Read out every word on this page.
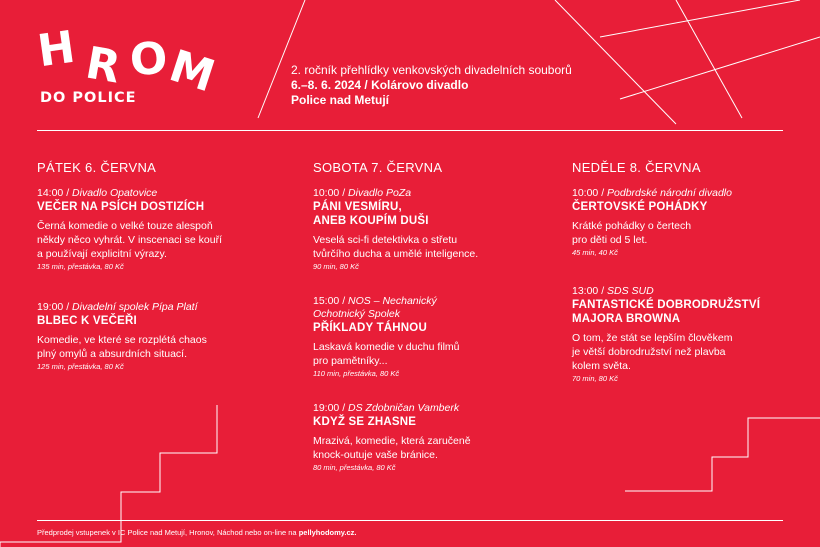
H R O
M
DO POLICE
2. ročník přehlídky venkovských divadelních souborů
6.–8. 6. 2024 / Kolárovo divadlo
Police nad Metují
PÁTEK 6. ČERVNA
14:00 / Divadlo Opatovice
VEČER NA PSÍCH DOSTIZÍCH
Černá komedie o velké touze alespoň
někdy něco vyhrát. V inscenaci se kouří
a používají explicitní výrazy.
135 min, přestávka, 80 Kč
19:00 / Divadelní spolek Pípa Platí
BLBEC K VEČEŘI
Komedie, ve které se rozplétá chaos
plný omylů a absurdních situací.
125 min, přestávka, 80 Kč
SOBOTA 7. ČERVNA
10:00 / Divadlo PoZa
PÁNI VESMÍRU,
ANEB KOUPÍM DUŠI
Veselá sci-fi detektivka o střetu
tvůrčího ducha a umělé inteligence.
90 min, 80 Kč
15:00 / NOS – Nechanický
Ochotnický Spolek
PŘÍKLADY TÁHNOU
Laskavá komedie v duchu filmů
pro pamětníky...
110 min, přestávka, 80 Kč
19:00 / DS Zdobničan Vamberk
KDYŽ SE ZHASNE
Mrazivá, komedie, která zaručeně
knock-outuje vaše bránice.
80 min, přestávka, 80 Kč
NEDĚLE 8. ČERVNA
10:00 / Podbrdské národní divadlo
ČERTOVSKÉ POHÁDKY
Krátké pohádky o čertech
pro děti od 5 let.
45 min, 40 Kč
13:00 / SDS SUD
FANTASTICKÉ DOBRODRUŽSTVÍ
MAJORA BROWNA
O tom, že stát se lepším člověkem
je větší dobrodružství než plavba
kolem světa.
70 min, 80 Kč
Předprodej vstupenek v IC Police nad Metují, Hronov, Náchod nebo on-line na pellyhodomy.cz.
